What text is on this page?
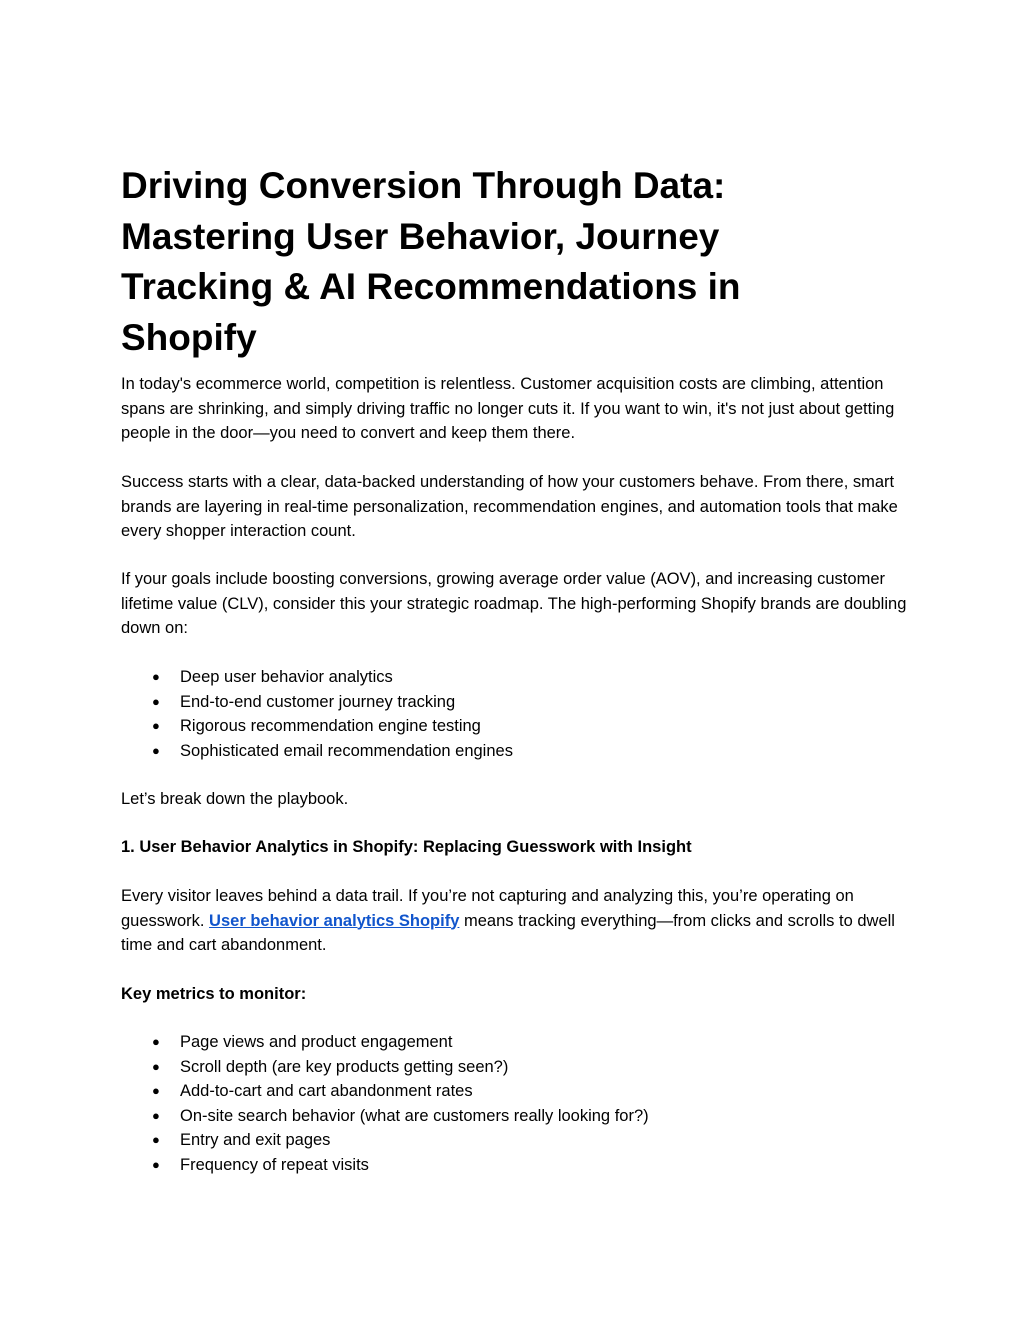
Driving Conversion Through Data: Mastering User Behavior, Journey Tracking & AI Recommendations in Shopify

In today's ecommerce world, competition is relentless. Customer acquisition costs are climbing, attention spans are shrinking, and simply driving traffic no longer cuts it. If you want to win, it's not just about getting people in the door—you need to convert and keep them there.

Success starts with a clear, data-backed understanding of how your customers behave. From there, smart brands are layering in real-time personalization, recommendation engines, and automation tools that make every shopper interaction count.

If your goals include boosting conversions, growing average order value (AOV), and increasing customer lifetime value (CLV), consider this your strategic roadmap. The high-performing Shopify brands are doubling down on:

● Deep user behavior analytics
● End-to-end customer journey tracking
● Rigorous recommendation engine testing
● Sophisticated email recommendation engines

Let’s break down the playbook.

1. User Behavior Analytics in Shopify: Replacing Guesswork with Insight

Every visitor leaves behind a data trail. If you’re not capturing and analyzing this, you’re operating on guesswork. User behavior analytics Shopify means tracking everything—from clicks and scrolls to dwell time and cart abandonment.

Key metrics to monitor:

● Page views and product engagement
● Scroll depth (are key products getting seen?)
● Add-to-cart and cart abandonment rates
● On-site search behavior (what are customers really looking for?)
● Entry and exit pages
● Frequency of repeat visits
